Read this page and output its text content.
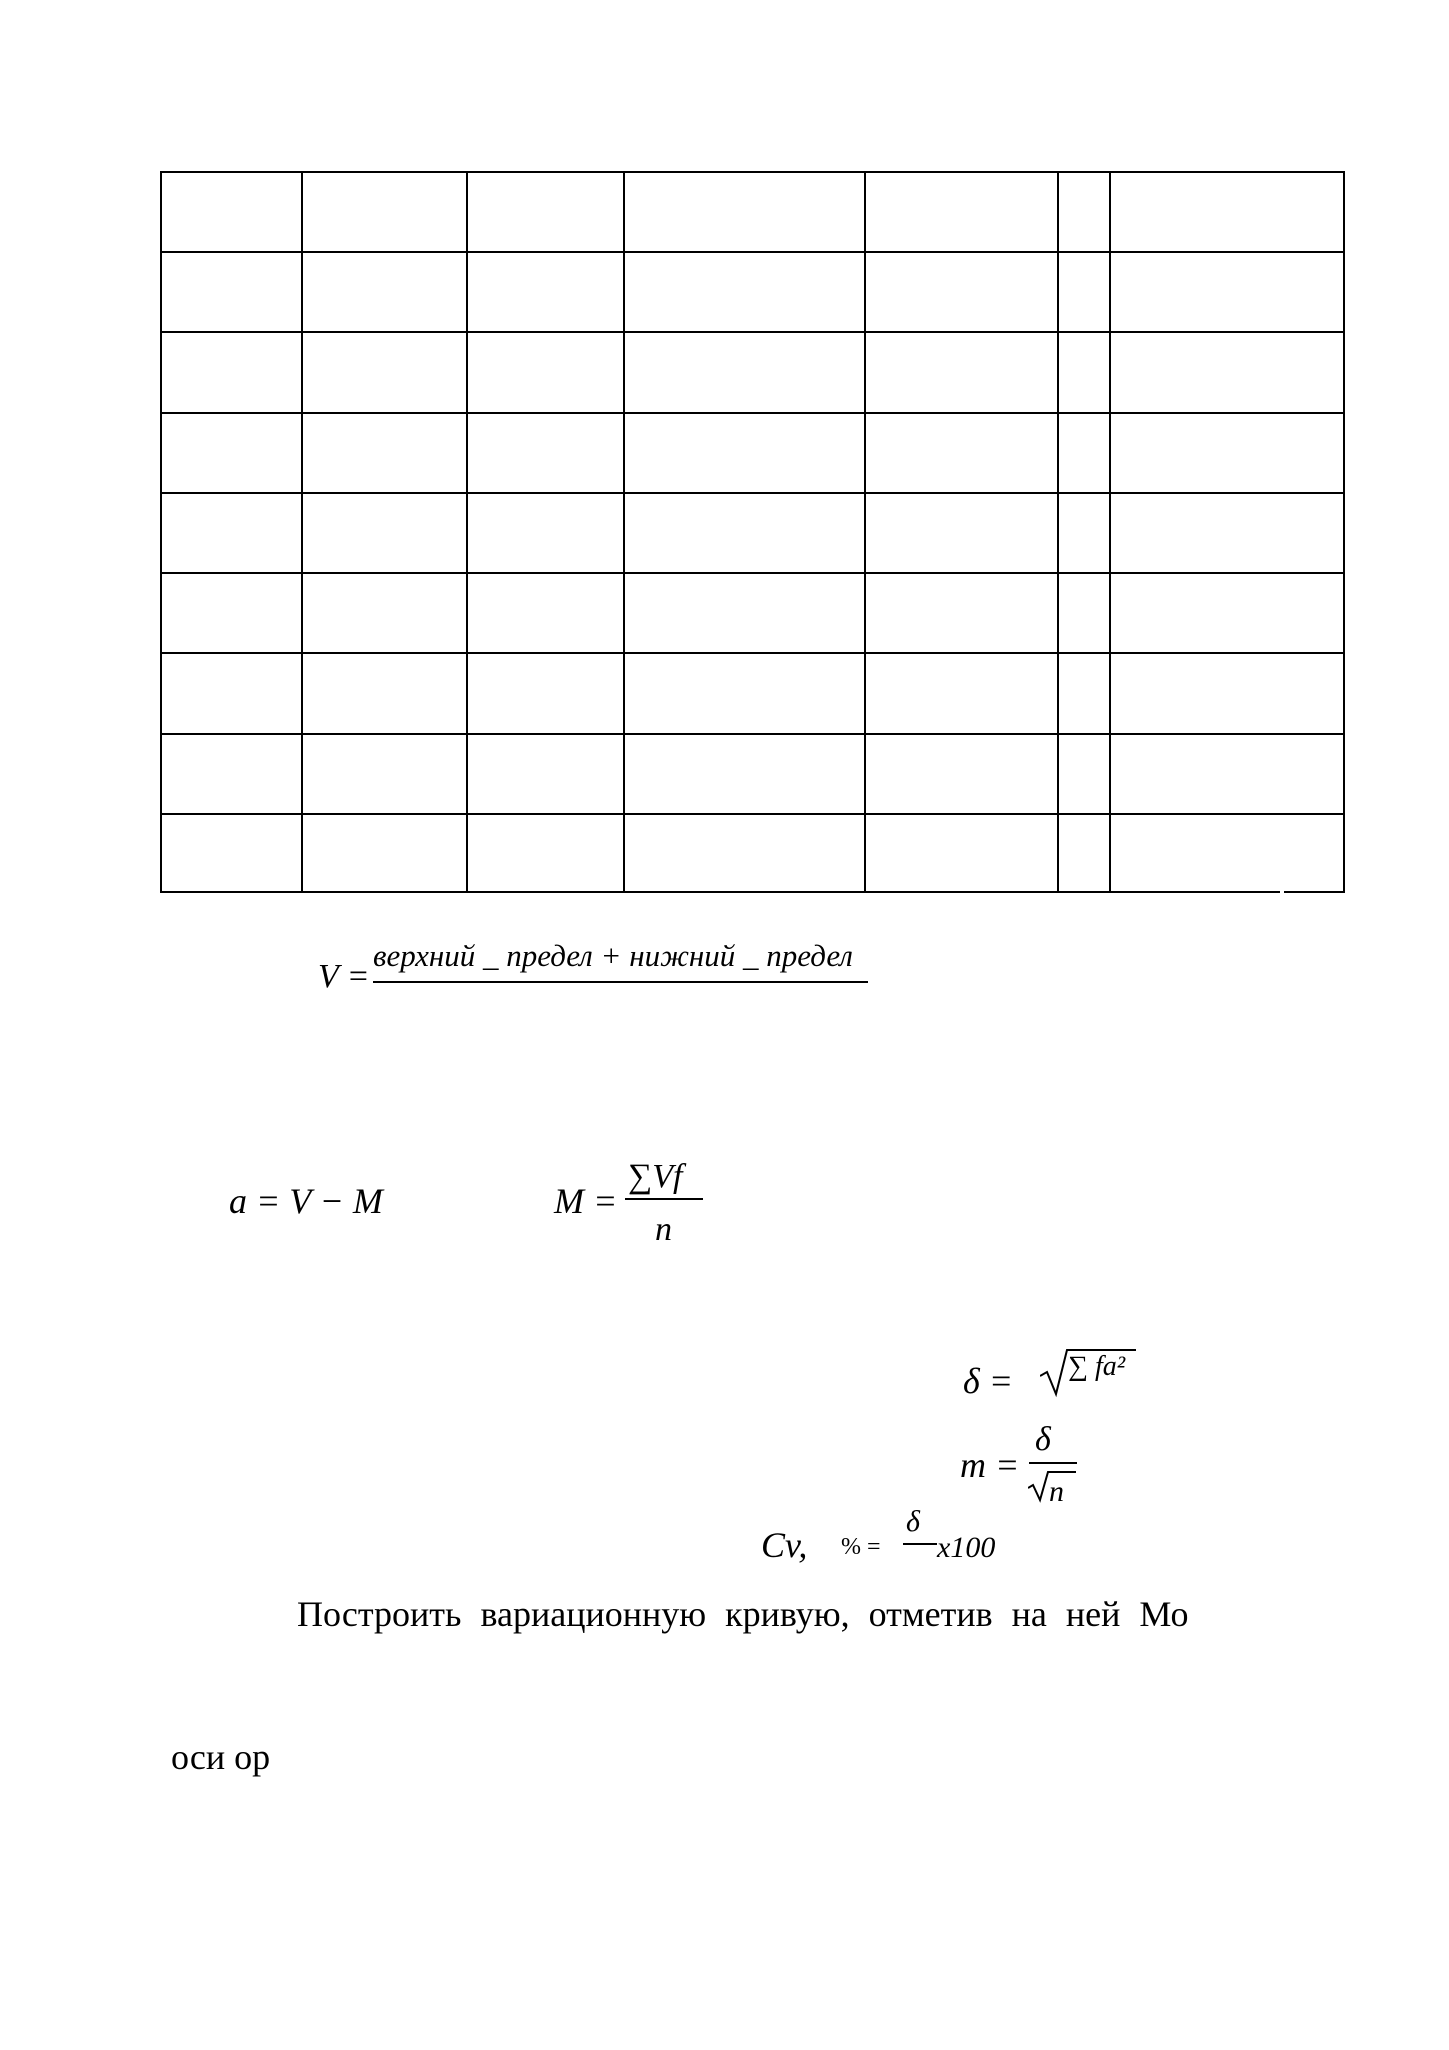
V =
верхний _ предел + нижний _ предел
a = V − M	M =
∑Vf
n
δ = ∑ fa²
m =
δ
n
Cv, % =
δ
x100
Построить вариационную кривую, отметив на ней Мо
оси ор
